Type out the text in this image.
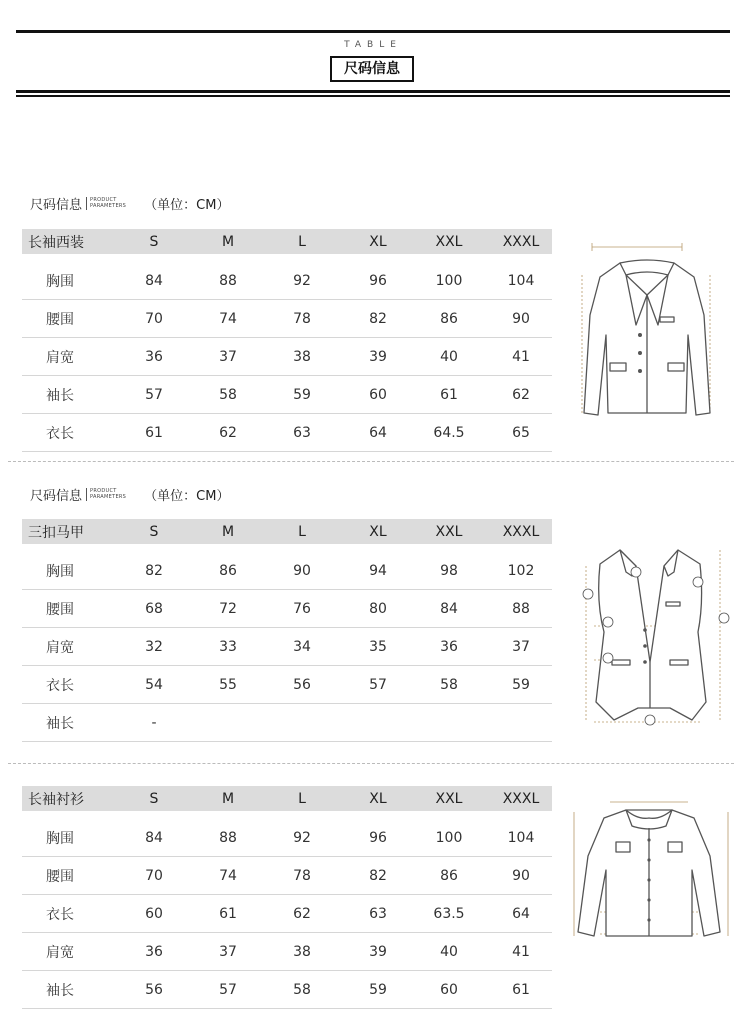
TABLE
尺码信息
尺码信息 PRODUCT
PARAMETERS （单位：CM）
长袖西装	S	M	L	XL	XXL	XXXL
胸围	84	88	92	96	100	104
腰围	70	74	78	82	86	90
肩宽	36	37	38	39	40	41
袖长	57	58	59	60	61	62
衣长	61	62	63	64	64.5	65
尺码信息 PRODUCT
PARAMETERS （单位：CM）
三扣马甲	S	M	L	XL	XXL	XXXL
胸围	82	86	90	94	98	102
腰围	68	72	76	80	84	88
肩宽	32	33	34	35	36	37
衣长	54	55	56	57	58	59
袖长	-
长袖衬衫	S	M	L	XL	XXL	XXXL
胸围	84	88	92	96	100	104
腰围	70	74	78	82	86	90
衣长	60	61	62	63	63.5	64
肩宽	36	37	38	39	40	41
袖长	56	57	58	59	60	61
